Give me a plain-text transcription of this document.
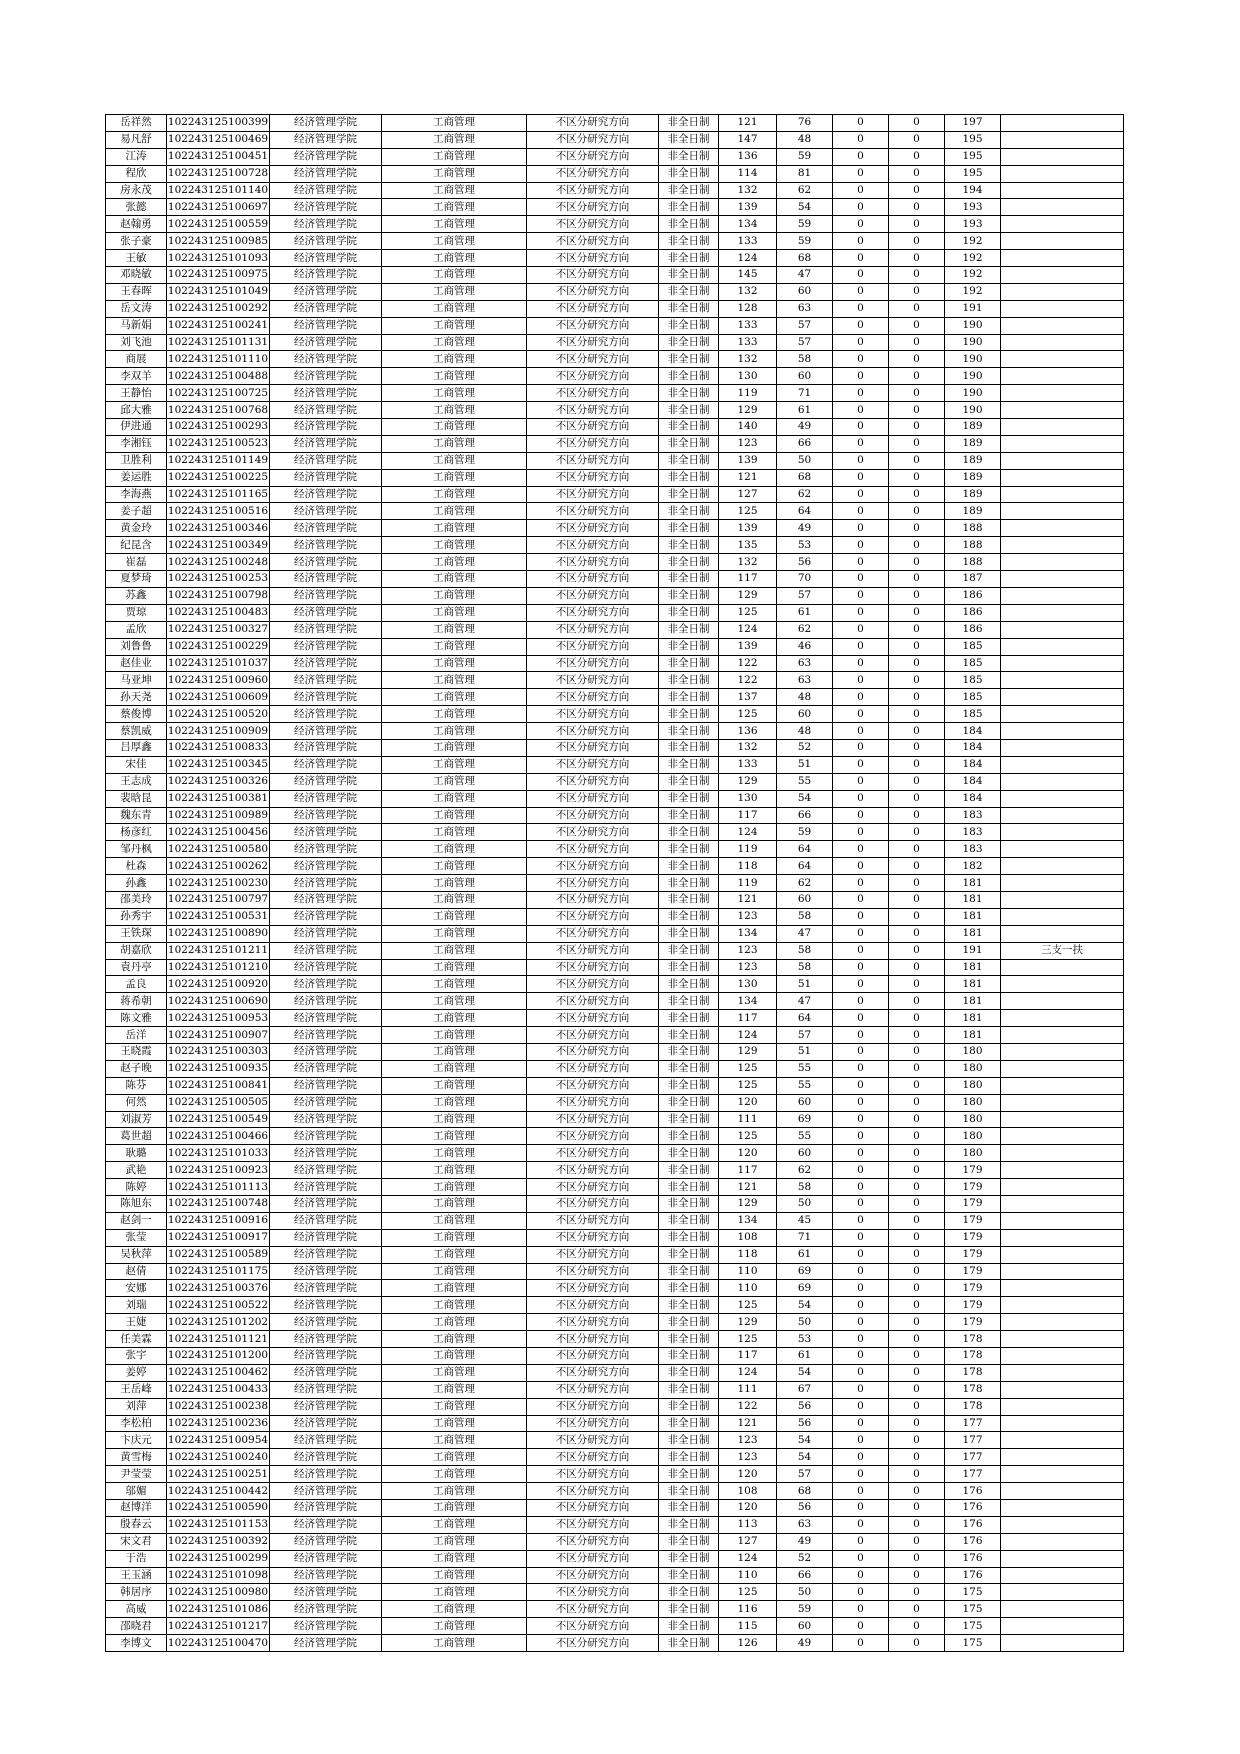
岳祥然	102243125100399	经济管理学院	工商管理	不区分研究方向	非全日制	121	76	0	0	197	
易凡舒	102243125100469	经济管理学院	工商管理	不区分研究方向	非全日制	147	48	0	0	195	
江涛	102243125100451	经济管理学院	工商管理	不区分研究方向	非全日制	136	59	0	0	195	
程欣	102243125100728	经济管理学院	工商管理	不区分研究方向	非全日制	114	81	0	0	195	
房永茂	102243125101140	经济管理学院	工商管理	不区分研究方向	非全日制	132	62	0	0	194	
张懿	102243125100697	经济管理学院	工商管理	不区分研究方向	非全日制	139	54	0	0	193	
赵翰勇	102243125100559	经济管理学院	工商管理	不区分研究方向	非全日制	134	59	0	0	193	
张子豪	102243125100985	经济管理学院	工商管理	不区分研究方向	非全日制	133	59	0	0	192	
王敏	102243125101093	经济管理学院	工商管理	不区分研究方向	非全日制	124	68	0	0	192	
邓晓敏	102243125100975	经济管理学院	工商管理	不区分研究方向	非全日制	145	47	0	0	192	
王春晖	102243125101049	经济管理学院	工商管理	不区分研究方向	非全日制	132	60	0	0	192	
岳文涛	102243125100292	经济管理学院	工商管理	不区分研究方向	非全日制	128	63	0	0	191	
马新娟	102243125100241	经济管理学院	工商管理	不区分研究方向	非全日制	133	57	0	0	190	
刘飞池	102243125101131	经济管理学院	工商管理	不区分研究方向	非全日制	133	57	0	0	190	
商展	102243125101110	经济管理学院	工商管理	不区分研究方向	非全日制	132	58	0	0	190	
李双羊	102243125100488	经济管理学院	工商管理	不区分研究方向	非全日制	130	60	0	0	190	
王静怡	102243125100725	经济管理学院	工商管理	不区分研究方向	非全日制	119	71	0	0	190	
邱大雅	102243125100768	经济管理学院	工商管理	不区分研究方向	非全日制	129	61	0	0	190	
伊进通	102243125100293	经济管理学院	工商管理	不区分研究方向	非全日制	140	49	0	0	189	
李湘钰	102243125100523	经济管理学院	工商管理	不区分研究方向	非全日制	123	66	0	0	189	
卫胜利	102243125101149	经济管理学院	工商管理	不区分研究方向	非全日制	139	50	0	0	189	
姜运胜	102243125100225	经济管理学院	工商管理	不区分研究方向	非全日制	121	68	0	0	189	
李海燕	102243125101165	经济管理学院	工商管理	不区分研究方向	非全日制	127	62	0	0	189	
姜子超	102243125100516	经济管理学院	工商管理	不区分研究方向	非全日制	125	64	0	0	189	
黄金玲	102243125100346	经济管理学院	工商管理	不区分研究方向	非全日制	139	49	0	0	188	
纪昆含	102243125100349	经济管理学院	工商管理	不区分研究方向	非全日制	135	53	0	0	188	
崔磊	102243125100248	经济管理学院	工商管理	不区分研究方向	非全日制	132	56	0	0	188	
夏梦琦	102243125100253	经济管理学院	工商管理	不区分研究方向	非全日制	117	70	0	0	187	
苏鑫	102243125100798	经济管理学院	工商管理	不区分研究方向	非全日制	129	57	0	0	186	
贾琼	102243125100483	经济管理学院	工商管理	不区分研究方向	非全日制	125	61	0	0	186	
孟欣	102243125100327	经济管理学院	工商管理	不区分研究方向	非全日制	124	62	0	0	186	
刘鲁鲁	102243125100229	经济管理学院	工商管理	不区分研究方向	非全日制	139	46	0	0	185	
赵佳业	102243125101037	经济管理学院	工商管理	不区分研究方向	非全日制	122	63	0	0	185	
马亚坤	102243125100960	经济管理学院	工商管理	不区分研究方向	非全日制	122	63	0	0	185	
孙天尧	102243125100609	经济管理学院	工商管理	不区分研究方向	非全日制	137	48	0	0	185	
蔡俊博	102243125100520	经济管理学院	工商管理	不区分研究方向	非全日制	125	60	0	0	185	
蔡凯威	102243125100909	经济管理学院	工商管理	不区分研究方向	非全日制	136	48	0	0	184	
吕厚鑫	102243125100833	经济管理学院	工商管理	不区分研究方向	非全日制	132	52	0	0	184	
宋佳	102243125100345	经济管理学院	工商管理	不区分研究方向	非全日制	133	51	0	0	184	
王志成	102243125100326	经济管理学院	工商管理	不区分研究方向	非全日制	129	55	0	0	184	
裴晗昆	102243125100381	经济管理学院	工商管理	不区分研究方向	非全日制	130	54	0	0	184	
魏东青	102243125100989	经济管理学院	工商管理	不区分研究方向	非全日制	117	66	0	0	183	
杨彦红	102243125100456	经济管理学院	工商管理	不区分研究方向	非全日制	124	59	0	0	183	
邹丹枫	102243125100580	经济管理学院	工商管理	不区分研究方向	非全日制	119	64	0	0	183	
杜森	102243125100262	经济管理学院	工商管理	不区分研究方向	非全日制	118	64	0	0	182	
孙鑫	102243125100230	经济管理学院	工商管理	不区分研究方向	非全日制	119	62	0	0	181	
邵美玲	102243125100797	经济管理学院	工商管理	不区分研究方向	非全日制	121	60	0	0	181	
孙秀宇	102243125100531	经济管理学院	工商管理	不区分研究方向	非全日制	123	58	0	0	181	
王铁琛	102243125100890	经济管理学院	工商管理	不区分研究方向	非全日制	134	47	0	0	181	
胡嘉欣	102243125101211	经济管理学院	工商管理	不区分研究方向	非全日制	123	58	0	0	191	三支一扶
袁丹亭	102243125101210	经济管理学院	工商管理	不区分研究方向	非全日制	123	58	0	0	181	
孟良	102243125100920	经济管理学院	工商管理	不区分研究方向	非全日制	130	51	0	0	181	
蒋希朝	102243125100690	经济管理学院	工商管理	不区分研究方向	非全日制	134	47	0	0	181	
陈文雅	102243125100953	经济管理学院	工商管理	不区分研究方向	非全日制	117	64	0	0	181	
岳洋	102243125100907	经济管理学院	工商管理	不区分研究方向	非全日制	124	57	0	0	181	
王晓霞	102243125100303	经济管理学院	工商管理	不区分研究方向	非全日制	129	51	0	0	180	
赵子晚	102243125100935	经济管理学院	工商管理	不区分研究方向	非全日制	125	55	0	0	180	
陈芬	102243125100841	经济管理学院	工商管理	不区分研究方向	非全日制	125	55	0	0	180	
何然	102243125100505	经济管理学院	工商管理	不区分研究方向	非全日制	120	60	0	0	180	
刘淑芳	102243125100549	经济管理学院	工商管理	不区分研究方向	非全日制	111	69	0	0	180	
葛世超	102243125100466	经济管理学院	工商管理	不区分研究方向	非全日制	125	55	0	0	180	
耿璐	102243125101033	经济管理学院	工商管理	不区分研究方向	非全日制	120	60	0	0	180	
武艳	102243125100923	经济管理学院	工商管理	不区分研究方向	非全日制	117	62	0	0	179	
陈婷	102243125101113	经济管理学院	工商管理	不区分研究方向	非全日制	121	58	0	0	179	
陈旭东	102243125100748	经济管理学院	工商管理	不区分研究方向	非全日制	129	50	0	0	179	
赵剑一	102243125100916	经济管理学院	工商管理	不区分研究方向	非全日制	134	45	0	0	179	
张莹	102243125100917	经济管理学院	工商管理	不区分研究方向	非全日制	108	71	0	0	179	
吴秋萍	102243125100589	经济管理学院	工商管理	不区分研究方向	非全日制	118	61	0	0	179	
赵倩	102243125101175	经济管理学院	工商管理	不区分研究方向	非全日制	110	69	0	0	179	
安娜	102243125100376	经济管理学院	工商管理	不区分研究方向	非全日制	110	69	0	0	179	
刘瑞	102243125100522	经济管理学院	工商管理	不区分研究方向	非全日制	125	54	0	0	179	
王婕	102243125101202	经济管理学院	工商管理	不区分研究方向	非全日制	129	50	0	0	179	
任美霖	102243125101121	经济管理学院	工商管理	不区分研究方向	非全日制	125	53	0	0	178	
张宇	102243125101200	经济管理学院	工商管理	不区分研究方向	非全日制	117	61	0	0	178	
姜婷	102243125100462	经济管理学院	工商管理	不区分研究方向	非全日制	124	54	0	0	178	
王岳峰	102243125100433	经济管理学院	工商管理	不区分研究方向	非全日制	111	67	0	0	178	
刘萍	102243125100238	经济管理学院	工商管理	不区分研究方向	非全日制	122	56	0	0	178	
李松柏	102243125100236	经济管理学院	工商管理	不区分研究方向	非全日制	121	56	0	0	177	
卞庆元	102243125100954	经济管理学院	工商管理	不区分研究方向	非全日制	123	54	0	0	177	
黄雪梅	102243125100240	经济管理学院	工商管理	不区分研究方向	非全日制	123	54	0	0	177	
尹莹莹	102243125100251	经济管理学院	工商管理	不区分研究方向	非全日制	120	57	0	0	177	
邬媚	102243125100442	经济管理学院	工商管理	不区分研究方向	非全日制	108	68	0	0	176	
赵博洋	102243125100590	经济管理学院	工商管理	不区分研究方向	非全日制	120	56	0	0	176	
殷春云	102243125101153	经济管理学院	工商管理	不区分研究方向	非全日制	113	63	0	0	176	
宋文君	102243125100392	经济管理学院	工商管理	不区分研究方向	非全日制	127	49	0	0	176	
于浩	102243125100299	经济管理学院	工商管理	不区分研究方向	非全日制	124	52	0	0	176	
王玉涵	102243125101098	经济管理学院	工商管理	不区分研究方向	非全日制	110	66	0	0	176	
韩居序	102243125100980	经济管理学院	工商管理	不区分研究方向	非全日制	125	50	0	0	175	
高威	102243125101086	经济管理学院	工商管理	不区分研究方向	非全日制	116	59	0	0	175	
邵晓君	102243125101217	经济管理学院	工商管理	不区分研究方向	非全日制	115	60	0	0	175	
李博文	102243125100470	经济管理学院	工商管理	不区分研究方向	非全日制	126	49	0	0	175	
